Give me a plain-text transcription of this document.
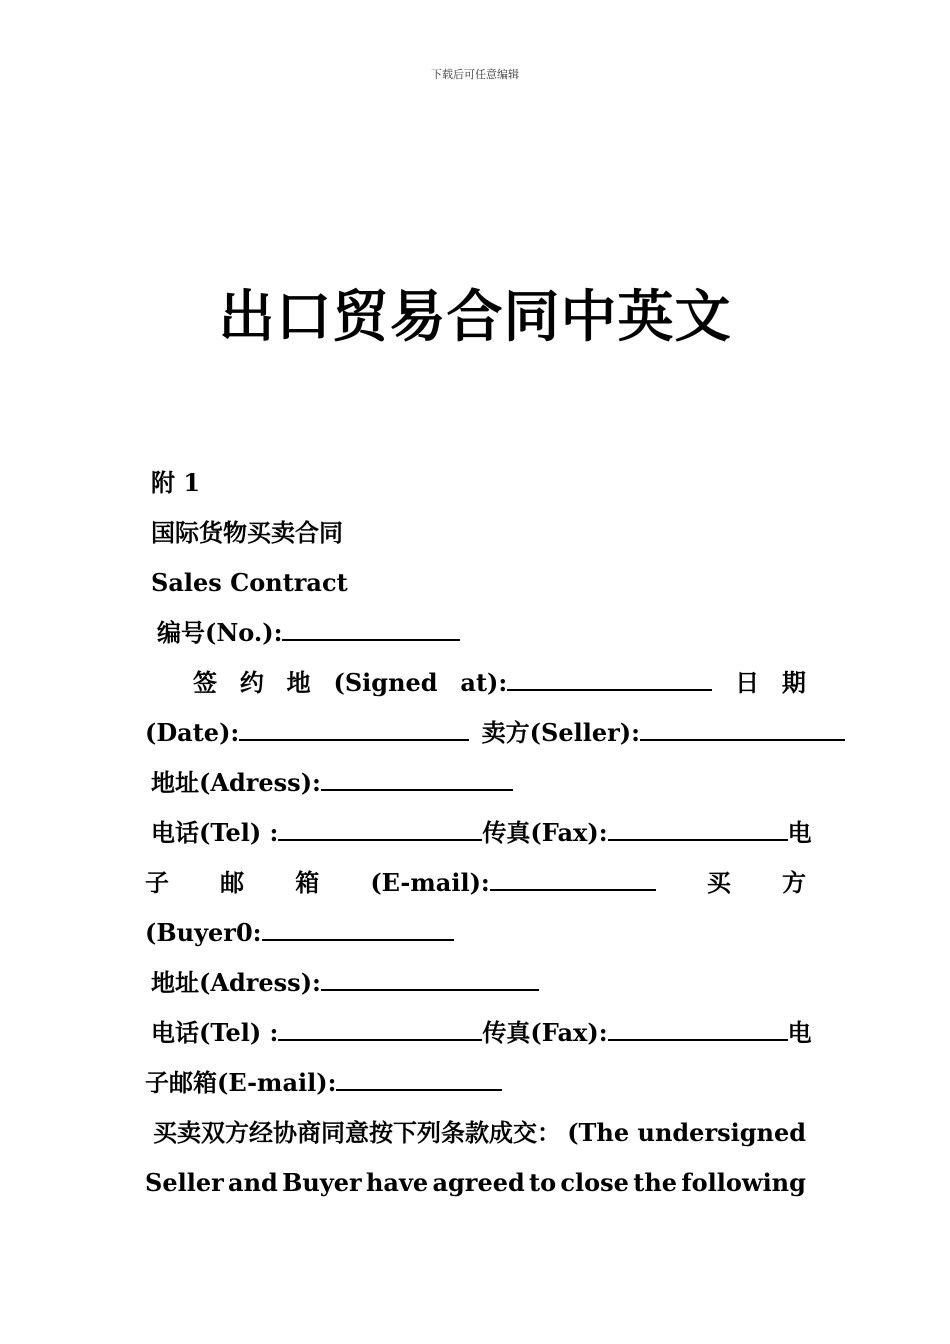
下载后可任意编辑
出口贸易合同中英文
附 1
国际货物买卖合同
Sales Contract
编号(No.):
签 约 地 (Signed at):	日 期
(Date):	卖方(Seller):
地址(Adress):
电话(Tel) :	传真(Fax):	电
子 邮 箱 (E-mail):	买 方
(Buyer0:
地址(Adress):
电话(Tel) :	传真(Fax):	电
子邮箱(E-mail):
买卖双方经协商同意按下列条款成交： (The undersigned
Seller and Buyer have agreed to close the following
